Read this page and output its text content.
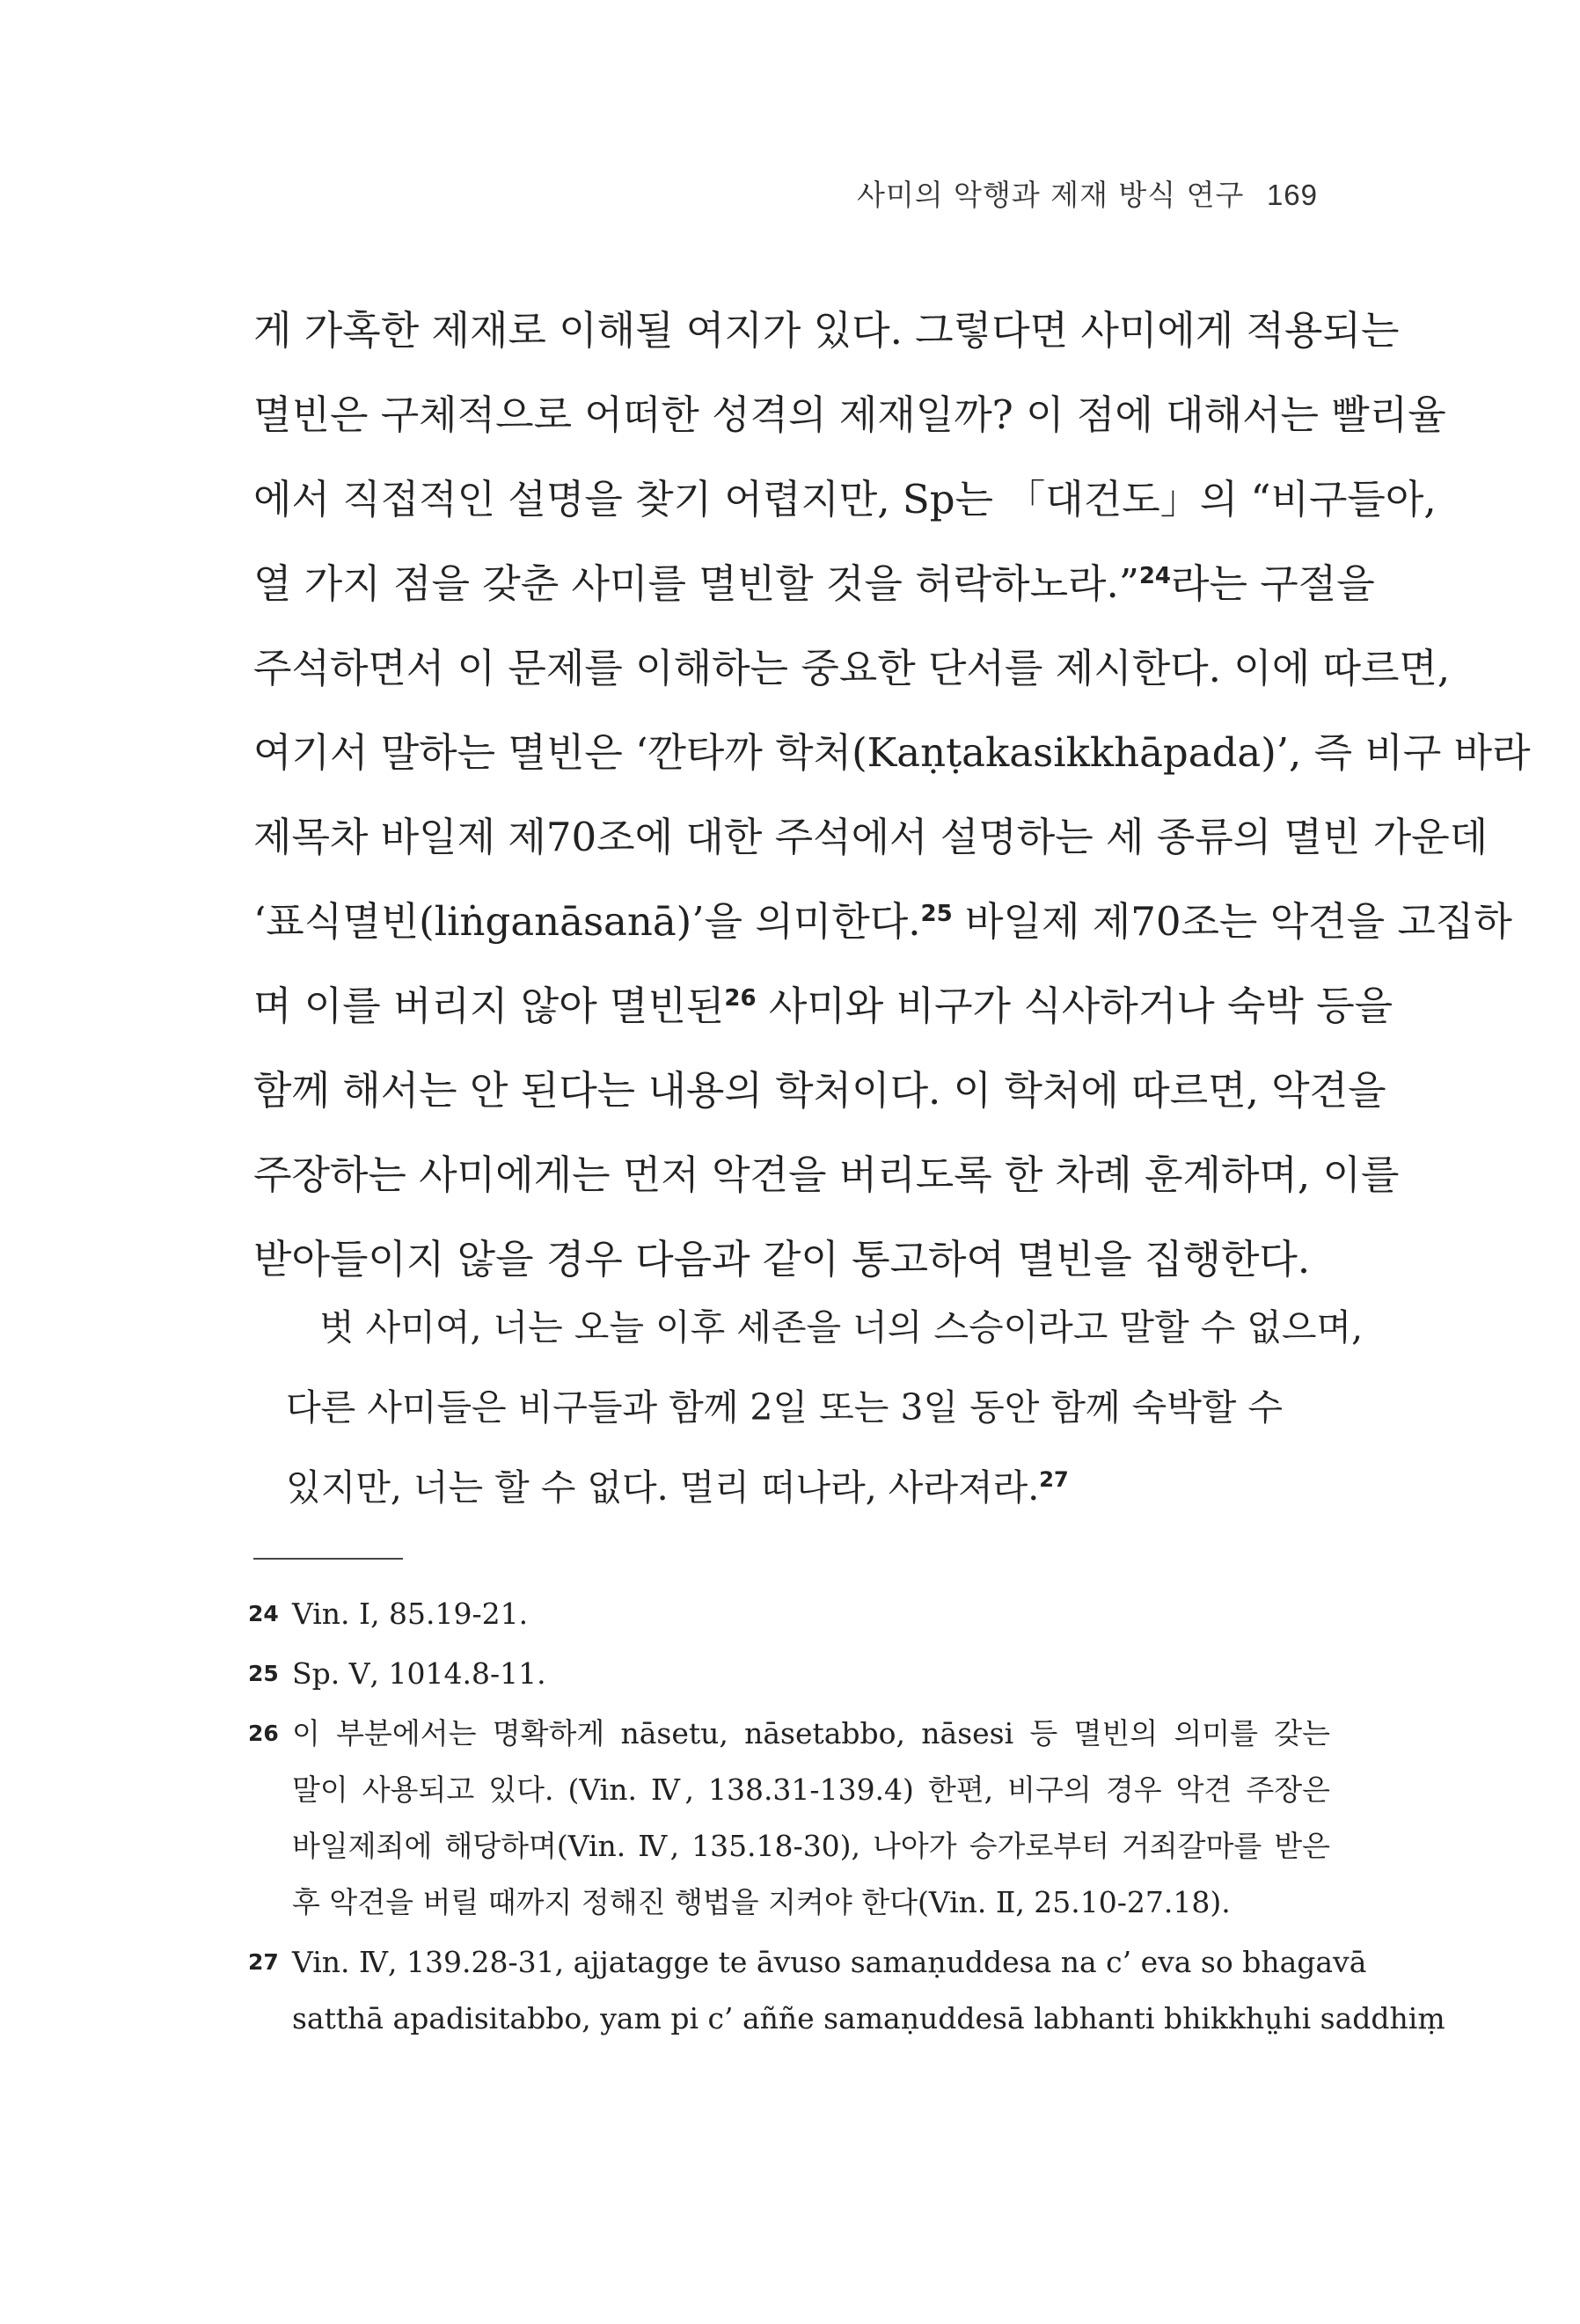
사미의 악행과 제재 방식 연구 169
게 가혹한 제재로 이해될 여지가 있다. 그렇다면 사미에게 적용되는
멸빈은 구체적으로 어떠한 성격의 제재일까? 이 점에 대해서는 빨리율
에서 직접적인 설명을 찾기 어렵지만, Sp는 「대건도」의 “비구들아,
열 가지 점을 갖춘 사미를 멸빈할 것을 허락하노라.”$^{24}$라는 구절을
주석하면서 이 문제를 이해하는 중요한 단서를 제시한다. 이에 따르면,
여기서 말하는 멸빈은 ‘깐타까 학처(Kaṇṭakasikkhāpada)’, 즉 비구 바라
제목차 바일제 제70조에 대한 주석에서 설명하는 세 종류의 멸빈 가운데
‘표식멸빈(liṅganāsanā)’을 의미한다.$^{25}$ 바일제 제70조는 악견을 고집하
며 이를 버리지 않아 멸빈된$^{26}$ 사미와 비구가 식사하거나 숙박 등을
함께 해서는 안 된다는 내용의 학처이다. 이 학처에 따르면, 악견을
주장하는 사미에게는 먼저 악견을 버리도록 한 차례 훈계하며, 이를
받아들이지 않을 경우 다음과 같이 통고하여 멸빈을 집행한다.
벗 사미여, 너는 오늘 이후 세존을 너의 스승이라고 말할 수 없으며,
다른 사미들은 비구들과 함께 2일 또는 3일 동안 함께 숙박할 수
있지만, 너는 할 수 없다. 멀리 떠나라, 사라져라.$^{27}$
24 Vin. Ⅰ, 85.19-21.
25 Sp. Ⅴ, 1014.8-11.
26 이 부분에서는 명확하게 nāsetu, nāsetabbo, nāsesi 등 멸빈의 의미를 갖는
말이 사용되고 있다. (Vin. Ⅳ, 138.31-139.4) 한편, 비구의 경우 악견 주장은
바일제죄에 해당하며(Vin. Ⅳ, 135.18-30), 나아가 승가로부터 거죄갈마를 받은
후 악견을 버릴 때까지 정해진 행법을 지켜야 한다(Vin. Ⅱ, 25.10-27.18).
27 Vin. Ⅳ, 139.28-31, ajjatagge te āvuso samaṇuddesa na c’ eva so bhagavā
satthā apadisitabbo, yam pi c’ aññe samaṇuddesā labhanti bhikkhṳhi saddhiṃ
